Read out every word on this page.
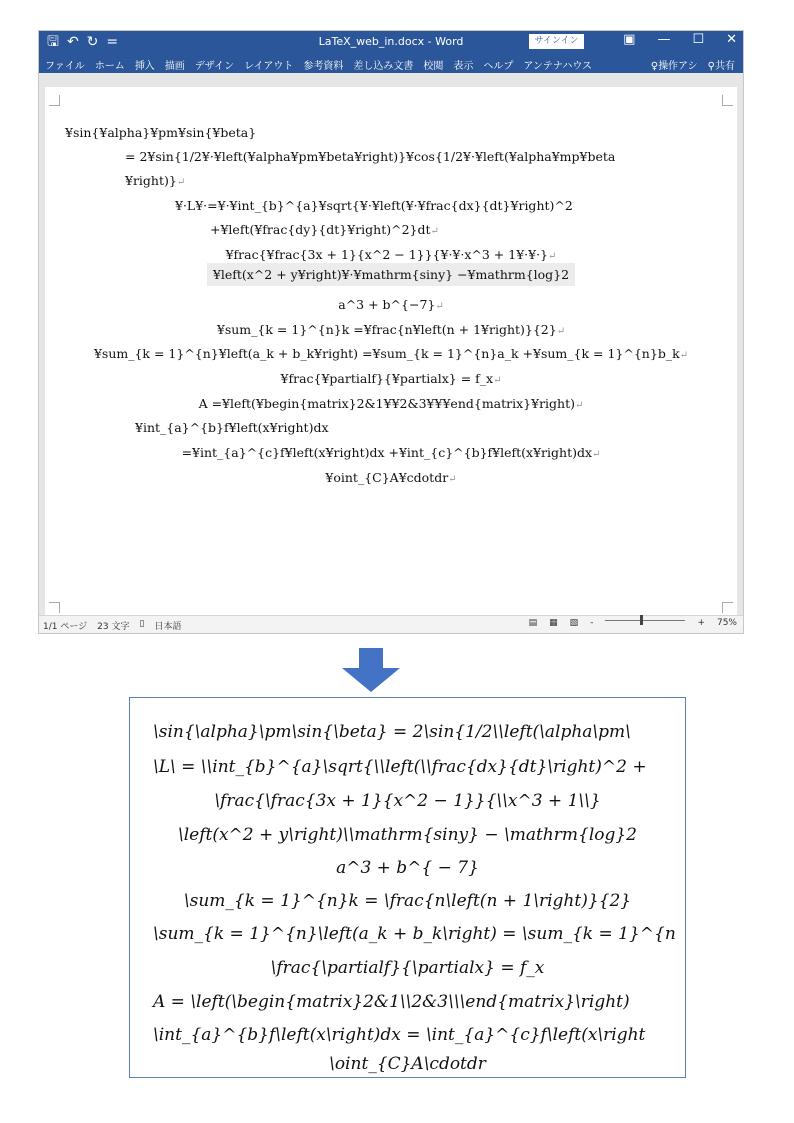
🖫 ↶ ↻ =	LaTeX_web_in.docx - Word	サインイン	▣ — ☐ ✕
ファイル ホーム 挿入 描画 デザイン レイアウト 参考資料 差し込み文書 校閲 表示 ヘルプ アンテナハウス	♀操作アシ ⚲共有
¥sin{¥alpha}¥pm¥sin{¥beta}
= 2¥sin{1/2¥·¥left(¥alpha¥pm¥beta¥right)}¥cos{1/2¥·¥left(¥alpha¥mp¥beta
¥right)}↵
¥·L¥·=¥·¥int_{b}^{a}¥sqrt{¥·¥left(¥·¥frac{dx}{dt}¥right)^2
+¥left(¥frac{dy}{dt}¥right)^2}dt↵
¥frac{¥frac{3x + 1}{x^2 − 1}}{¥·¥·x^3 + 1¥·¥·}↵
¥left(x^2 + y¥right)¥·¥mathrm{siny} −¥mathrm{log}2
a^3 + b^{−7}↵
¥sum_{k = 1}^{n}k =¥frac{n¥left(n + 1¥right)}{2}↵
¥sum_{k = 1}^{n}¥left(a_k + b_k¥right) =¥sum_{k = 1}^{n}a_k +¥sum_{k = 1}^{n}b_k↵
¥frac{¥partialf}{¥partialx} = f_x↵
A =¥left(¥begin{matrix}2&1¥¥2&3¥¥¥end{matrix}¥right)↵
¥int_{a}^{b}f¥left(x¥right)dx
=¥int_{a}^{c}f¥left(x¥right)dx +¥int_{c}^{b}f¥left(x¥right)dx↵
¥oint_{C}A¥cdotdr↵
1/1 ページ 23 文字 ▯ 日本語	▤ ▦ ▧ -	+ 75%
\sin{\alpha}\pm\sin{\beta} = 2\sin{1/2\\left(\alpha\pm\
\L\ = \\int_{b}^{a}\sqrt{\\left(\\frac{dx}{dt}\right)^2 +
\frac{\frac{3x + 1}{x^2 − 1}}{\\x^3 + 1\\}
\left(x^2 + y\right)\\mathrm{siny} − \mathrm{log}2
a^3 + b^{ − 7}
\sum_{k = 1}^{n}k = \frac{n\left(n + 1\right)}{2}
\sum_{k = 1}^{n}\left(a_k + b_k\right) = \sum_{k = 1}^{n
\frac{\partialf}{\partialx} = f_x
A = \left(\begin{matrix}2&1\\2&3\\\end{matrix}\right)
\int_{a}^{b}f\left(x\right)dx = \int_{a}^{c}f\left(x\right
\oint_{C}A\cdotdr
